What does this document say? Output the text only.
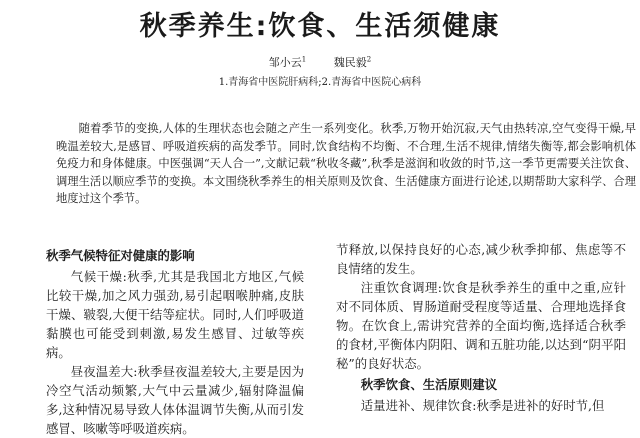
秋季养生:饮食、生活须健康
邹小云$^1$	魏民毅$^2$
1.青海省中医院肝病科;2.青海省中医院心病科

随着季节的变换,人体的生理状态也会随之产生一系列变化。秋季,万物开始沉寂,天气由热转凉,空气变得干燥,早晚温差较大,是感冒、呼吸道疾病的高发季节。同时,饮食结构不均衡、不合理,生活不规律,情绪失衡等,都会影响机体免疫力和身体健康。中医强调“天人合一”,文献记载“秋收冬藏”,秋季是滋润和收敛的时节,这一季节更需要关注饮食、调理生活以顺应季节的变换。本文围绕秋季养生的相关原则及饮食、生活健康方面进行论述,以期帮助大家科学、合理地度过这个季节。

秋季气候特征对健康的影响

气候干燥:秋季,尤其是我国北方地区,气候比较干燥,加之风力强劲,易引起咽喉肿痛,皮肤干燥、皲裂,大便干结等症状。同时,人们呼吸道黏膜也可能受到刺激,易发生感冒、过敏等疾病。

昼夜温差大:秋季昼夜温差较大,主要是因为冷空气活动频繁,大气中云量减少,辐射降温偏多,这种情况易导致人体体温调节失衡,从而引发感冒、咳嗽等呼吸道疾病。

节释放,以保持良好的心态,减少秋季抑郁、焦虑等不良情绪的发生。

注重饮食调理:饮食是秋季养生的重中之重,应针对不同体质、胃肠道耐受程度等适量、合理地选择食物。在饮食上,需讲究营养的全面均衡,选择适合秋季的食材,平衡体内阴阳、调和五脏功能,以达到“阴平阳秘”的良好状态。

秋季饮食、生活原则建议

适量进补、规律饮食:秋季是进补的好时节,但
